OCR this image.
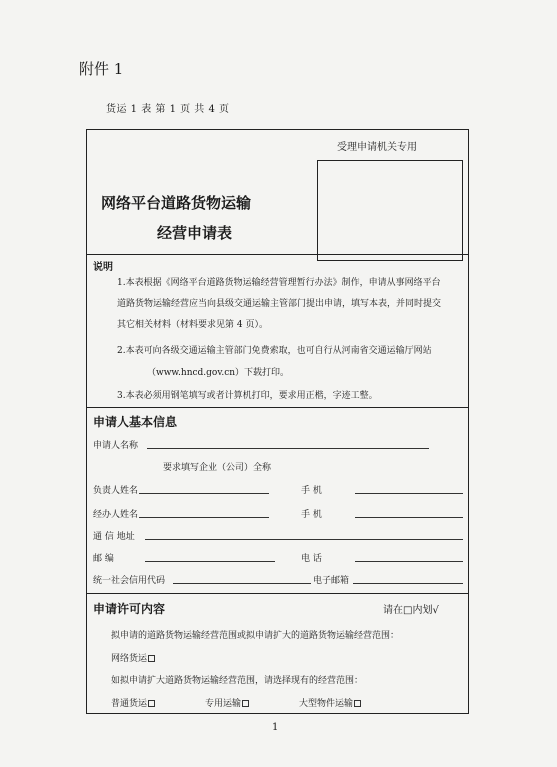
附件 1
货运 1 表 第 1 页 共 4 页
受理申请机关专用
网络平台道路货物运输
经营申请表
说明
1.本表根据《网络平台道路货物运输经营管理暂行办法》制作，申请从事网络平台
道路货物运输经营应当向县级交通运输主管部门提出申请，填写本表，并同时提交
其它相关材料（材料要求见第 4 页）。
2.本表可向各级交通运输主管部门免费索取，也可自行从河南省交通运输厅网站
（www.hncd.gov.cn）下载打印。
3.本表必须用钢笔填写或者计算机打印，要求用正楷，字迹工整。
申请人基本信息
申请人名称
要求填写企业（公司）全称
负责人姓名	手 机
经办人姓名	手 机
通 信 地址
邮 编	电 话
统一社会信用代码	电子邮箱
申请许可内容	请在□内划√
拟申请的道路货物运输经营范围或拟申请扩大的道路货物运输经营范围：
网络货运
如拟申请扩大道路货物运输经营范围，请选择现有的经营范围：
普通货运	专用运输	大型物件运输
1
